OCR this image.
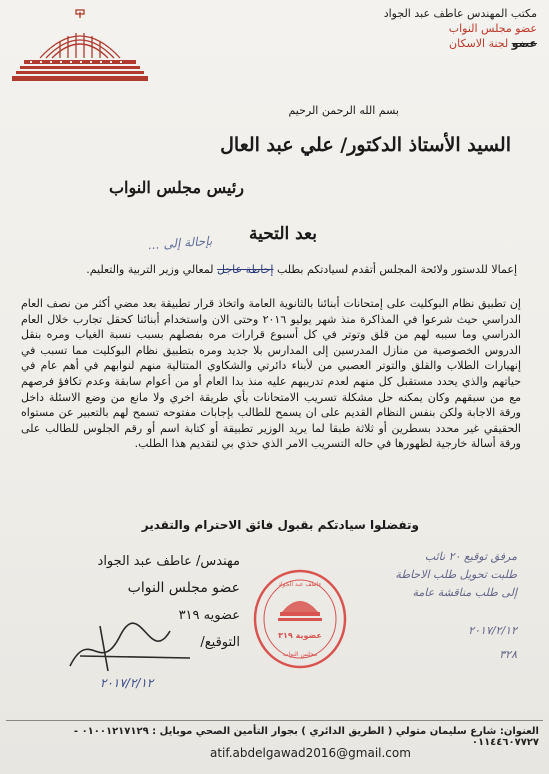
مكتب المهندس عاطف عبد الجواد
عضو مجلس النواب
عضو لجنة الاسكان
بسم الله الرحمن الرحيم
السيد الأستاذ الدكتور/ علي عبد العال
رئيس مجلس النواب
بعد التحية
بإحالة إلى ...
إعمالا للدستور ولائحة المجلس أتقدم لسيادتكم بطلب إحاطة عاجل لمعالي وزير التربية والتعليم.
إن تطبيق نظام البوكليت على إمتحانات أبنائنا بالثانوية العامة واتخاذ قرار تطبيقة بعد مضي أكثر من نصف العام الدراسي حيث شرعوا في المذاكرة منذ شهر يوليو ٢٠١٦ وحتى الان واستخدام أبنائنا كحقل تجارب خلال العام الدراسي وما سببه لهم من قلق وتوتر في كل أسبوع قرارات مره بفصلهم بسبب نسبة الغياب ومره بنقل الدروس الخصوصية من منازل المدرسين إلى المدارس بلا جديد ومره بتطبيق نظام البوكليت مما تسبب في إنهيارات الطلاب والقلق والتوتر العصبي من لأبناء دائرتي والشكاوي المتتالية منهم لنوابهم في أهم عام في حياتهم والذي يحدد مستقبل كل منهم لعدم تدريبهم عليه منذ بدا العام أو من أعوام سابقة وعدم تكافؤ فرصهم مع من سبقهم وكان يمكنه حل مشكلة تسريب الامتحانات بأي طريقة اخري ولا مانع من وضع الاسئلة داخل ورقة الاجابة ولكن بنفس النظام القديم على ان يسمح للطالب بإجابات مفتوحه تسمح لهم بالتعبير عن مستواه الحقيقي غير محدد بسطرين أو ثلاثة طبقا لما يريد الوزير تطبيقة أو كتابة اسم أو رقم الجلوس للطالب على ورقة أسالة خارجية لظهورها في حاله التسريب الامر الذي حذي بي لتقديم هذا الطلب.
وتفضلوا سيادتكم بقبول فائق الاحترام والتقدير
مهندس/ عاطف عبد الجواد
عضو مجلس النواب
عضويه ٣١٩
التوقيع/
٢٠١٧/٢/١٢
عاطف عبد الجواد
عضوية ٣١٩
مجلس النواب
مرفق توقيع ٢٠ نائب
طلبت تحويل طلب الاحاطة
إلى طلب مناقشة عامة
٢٠١٧/٢/١٢
٣٢٨
العنوان: شارع سليمان متولي ( الطريق الدائري ) بجوار التأمين الصحي موبايل : ٠١٠٠١٢١٧١٢٩ - ٠١١٤٤٦٠٧٧٢٧
atif.abdelgawad2016@gmail.com
